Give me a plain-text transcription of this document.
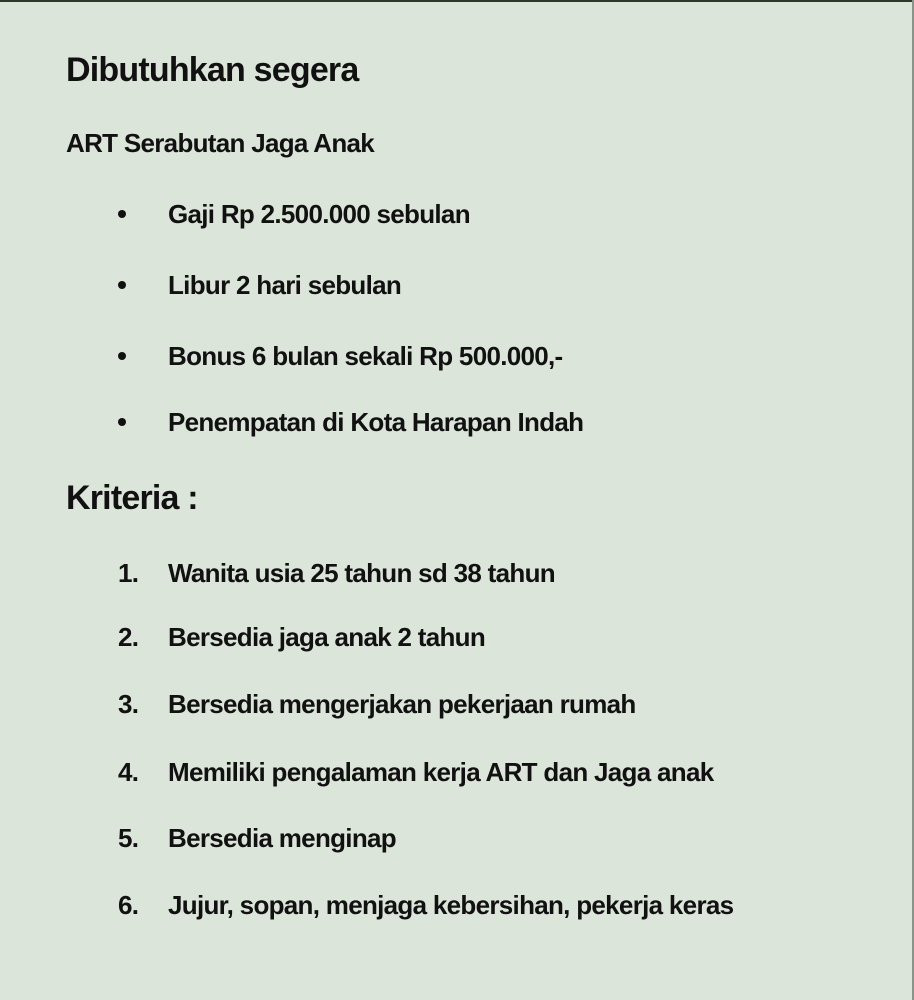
Dibutuhkan segera
ART Serabutan Jaga Anak
Gaji Rp 2.500.000 sebulan
Libur 2 hari sebulan
Bonus 6 bulan sekali Rp 500.000,-
Penempatan di Kota Harapan Indah
Kriteria :
1.	Wanita usia 25 tahun sd 38 tahun
2.	Bersedia jaga anak 2 tahun
3.	Bersedia mengerjakan pekerjaan rumah
4.	Memiliki pengalaman kerja ART dan Jaga anak
5.	Bersedia menginap
6.	Jujur, sopan, menjaga kebersihan, pekerja keras
